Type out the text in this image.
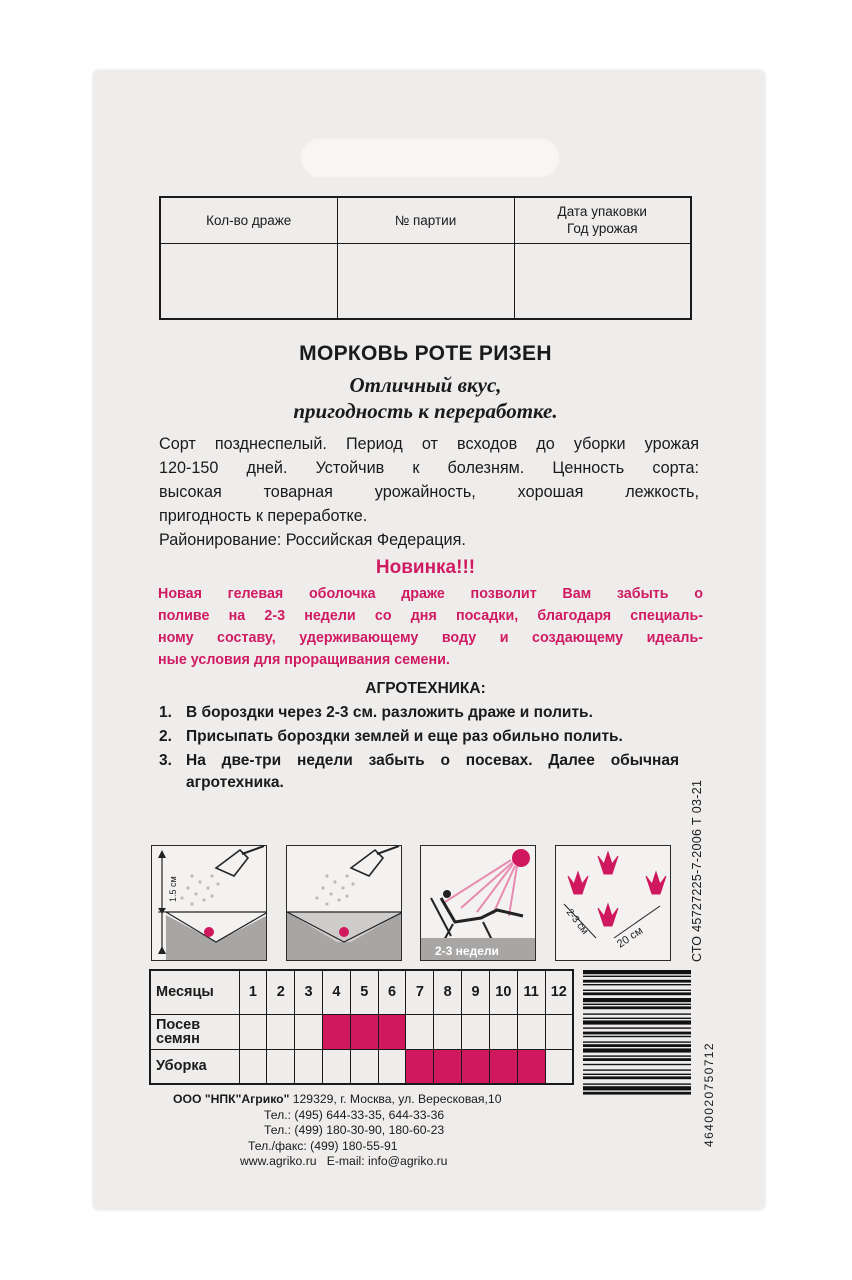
Кол-во драже	№ партии	Дата упаковки
Год урожая

МОРКОВЬ РОТЕ РИЗЕН
Отличный вкус,
пригодность к переработке.

Сорт позднеспелый. Период от всходов до уборки урожая

120-150 дней. Устойчив к болезням. Ценность сорта:

высокая товарная урожайность, хорошая лежкость,

пригодность к переработке.

Районирование: Российская Федерация.

Новинка!!!
Новая гелевая оболочка драже позволит Вам забыть о
поливе на 2-3 недели со дня посадки, благодаря специаль-
ному составу, удерживающему воду и создающему идеаль-
ные условия для проращивания семени.
АГРОТЕХНИКА:
1. В бороздки через 2-3 см. разложить драже и полить.
2. Присыпать бороздки землей и еще раз обильно полить.
3. На две-три недели забыть о посевах. Далее обычная агротехника.
1.5 см
2-3 недели
2-3 см
20 см
Месяцы	1	2	3	4	5	6	7	8	9	10	11	12

Посев
семян												

Уборка												
ООО "НПК"Агрико" 129329, г. Москва, ул. Вересковая,10
Тел.: (495) 644-33-35, 644-33-36
Тел.: (499) 180-30-90, 180-60-23
Тел./факс: (499) 180-55-91
www.agriko.ru E-mail: info@agriko.ru
4640020750712
СТО 45727225-7-2006 Т 03-21
